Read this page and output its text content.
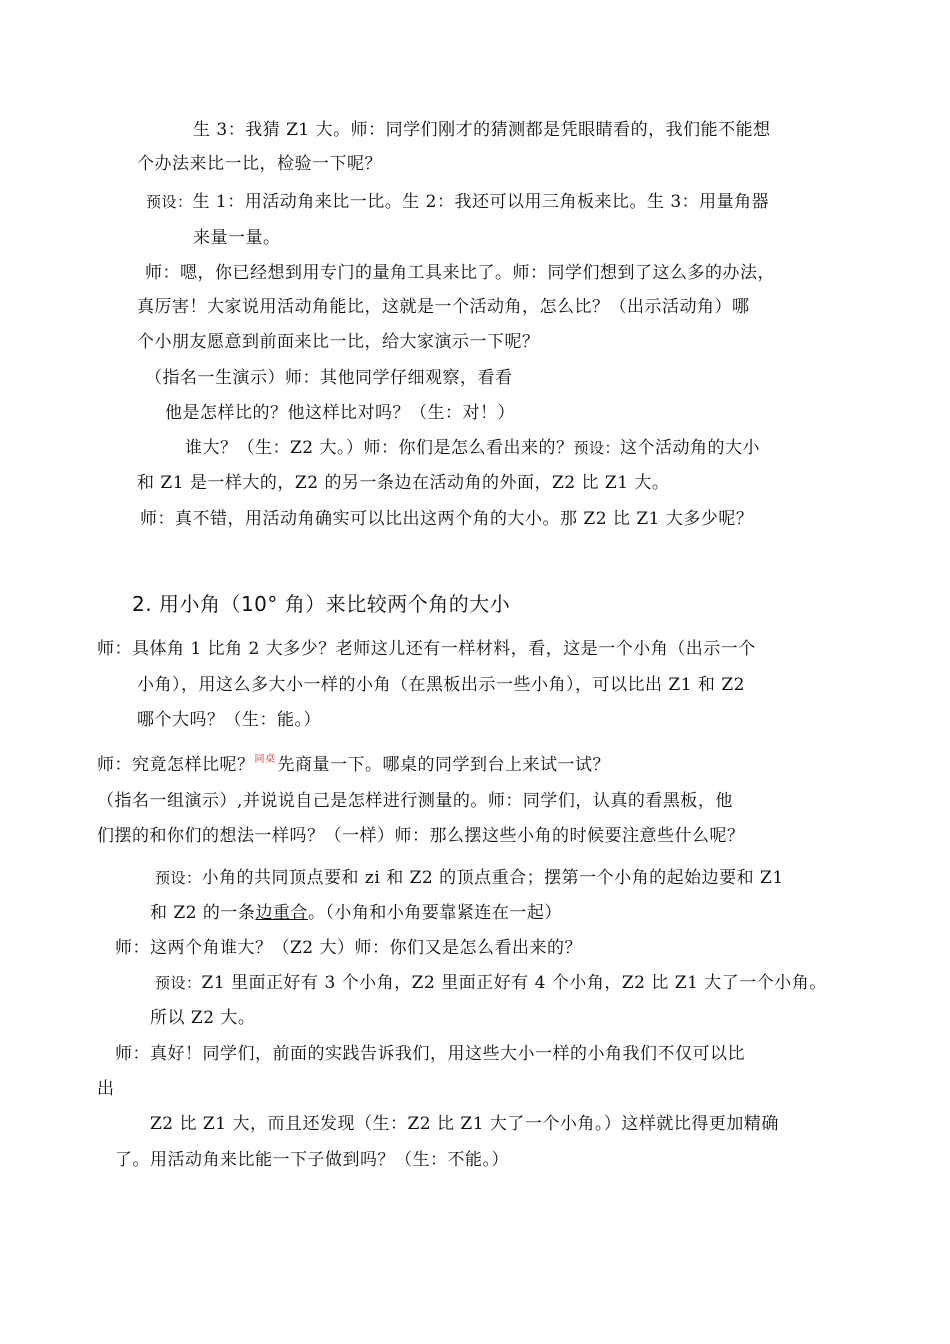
生 3：我猜 Z1 大。师：同学们刚才的猜测都是凭眼睛看的，我们能不能想
个办法来比一比，检验一下呢？
预设：生 1：用活动角来比一比。生 2：我还可以用三角板来比。生 3：用量角器
来量一量。
师：嗯，你已经想到用专门的量角工具来比了。师：同学们想到了这么多的办法，
真厉害！大家说用活动角能比，这就是一个活动角，怎么比？（出示活动角）哪
个小朋友愿意到前面来比一比，给大家演示一下呢？
（指名一生演示）师：其他同学仔细观察，看看
他是怎样比的？他这样比对吗？（生：对！）
谁大？（生：Z2 大。）师：你们是怎么看出来的？预设：这个活动角的大小
和 Z1 是一样大的，Z2 的另一条边在活动角的外面，Z2 比 Z1 大。
师：真不错，用活动角确实可以比出这两个角的大小。那 Z2 比 Z1 大多少呢？
2. 用小角（10° 角）来比较两个角的大小
师：具体角 1 比角 2 大多少？老师这儿还有一样材料，看，这是一个小角（出示一个
小角），用这么多大小一样的小角（在黑板出示一些小角），可以比出 Z1 和 Z2
哪个大吗？（生：能。）
师：究竟怎样比呢？$^{同桌}$ 先商量一下。哪桌的同学到台上来试一试？
（指名一组演示）,并说说自己是怎样进行测量的。师：同学们，认真的看黑板，他
们摆的和你们的想法一样吗？（一样）师：那么摆这些小角的时候要注意些什么呢？
预设：小角的共同顶点要和 zi 和 Z2 的顶点重合；摆第一个小角的起始边要和 Z1
和 Z2 的一条边重合。（小角和小角要靠紧连在一起）
师：这两个角谁大？（Z2 大）师：你们又是怎么看出来的？
预设：Z1 里面正好有 3 个小角，Z2 里面正好有 4 个小角，Z2 比 Z1 大了一个小角。
所以 Z2 大。
师：真好！同学们，前面的实践告诉我们，用这些大小一样的小角我们不仅可以比
出
Z2 比 Z1 大，而且还发现（生：Z2 比 Z1 大了一个小角。）这样就比得更加精确
了。用活动角来比能一下子做到吗？（生：不能。）
